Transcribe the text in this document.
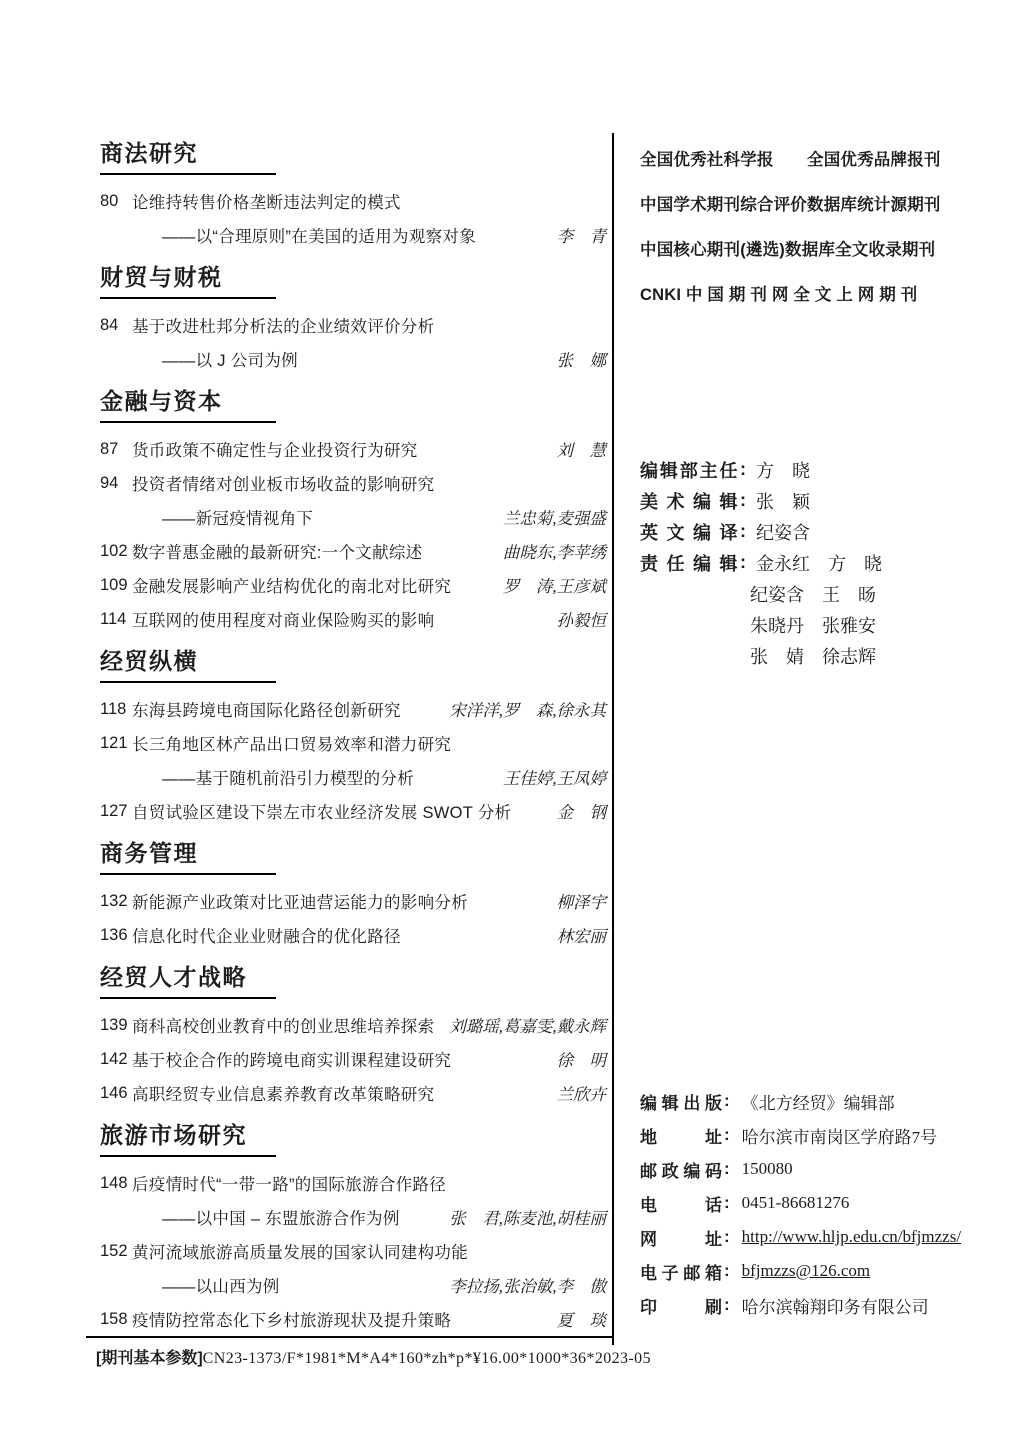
商法研究
80 论维持转售价格垄断违法判定的模式
——以“合理原则”在美国的适用为观察对象	李　青
财贸与财税
84 基于改进杜邦分析法的企业绩效评价分析
——以 J 公司为例	张　娜
金融与资本
87 货币政策不确定性与企业投资行为研究	刘　慧
94 投资者情绪对创业板市场收益的影响研究
——新冠疫情视角下	兰忠菊,麦强盛
102 数字普惠金融的最新研究:一个文献综述	曲晓东,李苹绣
109 金融发展影响产业结构优化的南北对比研究	罗　涛,王彦斌
114 互联网的使用程度对商业保险购买的影响	孙毅恒
经贸纵横
118 东海县跨境电商国际化路径创新研究	宋洋洋,罗　森,徐永其
121 长三角地区林产品出口贸易效率和潜力研究
——基于随机前沿引力模型的分析	王佳婷,王凤婷
127 自贸试验区建设下崇左市农业经济发展 SWOT 分析	金　钢
商务管理
132 新能源产业政策对比亚迪营运能力的影响分析	柳泽宇
136 信息化时代企业业财融合的优化路径	林宏丽
经贸人才战略
139 商科高校创业教育中的创业思维培养探索 刘璐瑶,葛嘉雯,戴永辉
142 基于校企合作的跨境电商实训课程建设研究	徐　明
146 高职经贸专业信息素养教育改革策略研究	兰欣卉
旅游市场研究
148 后疫情时代“一带一路”的国际旅游合作路径
——以中国 – 东盟旅游合作为例	张　君,陈麦池,胡桂丽
152 黄河流域旅游高质量发展的国家认同建构功能
——以山西为例	李拉扬,张治敏,李　傲
158 疫情防控常态化下乡村旅游现状及提升策略	夏　琰
全国优秀社科学报　　全国优秀品牌报刊
中国学术期刊综合评价数据库统计源期刊
中国核心期刊(遴选)数据库全文收录期刊
CNKI 中 国 期 刊 网 全 文 上 网 期 刊
编辑部主任 : 方　晓
美 术 编 辑 : 张　颖
英 文 编 译 : 纪姿含
责 任 编 辑 : 金永红　方　晓
纪姿含　王　旸
朱晓丹　张雅安
张　婧　徐志辉
编辑出版 : 《北方经贸》编辑部
地 址 : 哈尔滨市南岗区学府路7号
邮政编码 : 150080
电 话 : 0451-86681276
网 址 : http://www.hljp.edu.cn/bfjmzzs/
电子邮箱 : bfjmzzs@126.com
印 刷 : 哈尔滨翰翔印务有限公司
[期刊基本参数]CN23-1373/F*1981*M*A4*160*zh*p*¥16.00*1000*36*2023-05
